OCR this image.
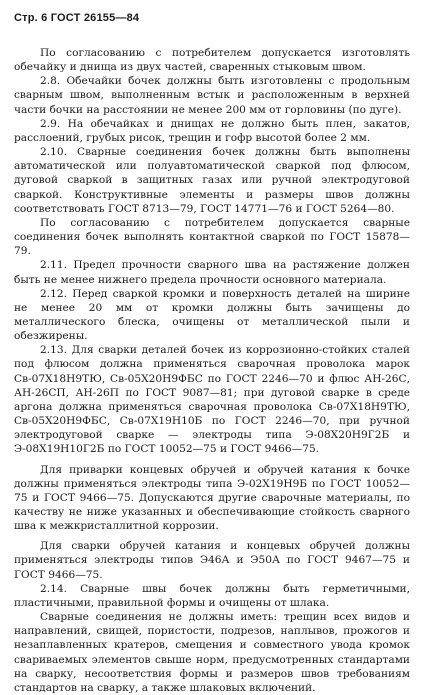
Стр. 6 ГОСТ 26155—84

По согласованию с потребителем допускается изготовлять обечайку и днища из двух частей, сваренных стыковым швом.

2.8. Обечайки бочек должны быть изготовлены с продольным сварным швом, выполненным встык и расположенным в верхней части бочки на расстоянии не менее 200 мм от горловины (по дуге).

2.9. На обечайках и днищах не должно быть плен, закатов, расслоений, грубых рисок, трещин и гофр высотой более 2 мм.

2.10. Сварные соединения бочек должны быть выполнены автоматической или полуавтоматической сваркой под флюсом, дуговой сваркой в защитных газах или ручной электродуговой сваркой. Конструктивные элементы и размеры швов должны соответствовать ГОСТ 8713—79, ГОСТ 14771—76 и ГОСТ 5264—80.

По согласованию с потребителем допускается сварные соединения бочек выполнять контактной сваркой по ГОСТ 15878—79.

2.11. Предел прочности сварного шва на растяжение должен быть не менее нижнего предела прочности основного материала.

2.12. Перед сваркой кромки и поверхность деталей на ширине не менее 20 мм от кромки должны быть зачищены до металлического блеска, очищены от металлической пыли и обезжирены.

2.13. Для сварки деталей бочек из коррозионно-стойких сталей под флюсом должна применяться сварочная проволока марок Св-07Х18Н9ТЮ, Св-05Х20Н9ФБС по ГОСТ 2246—70 и флюс АН-26С, АН-26СП, АН-26П по ГОСТ 9087—81; при дуговой сварке в среде аргона должна применяться сварочная проволока Св-07Х18Н9ТЮ, Св-05Х20Н9ФБС, Св-07Х19Н10Б по ГОСТ 2246—70, при ручной электродуговой сварке — электроды типа Э-08Х20Н9Г2Б и Э-08Х19Н10Г2Б по ГОСТ 10052—75 и ГОСТ 9466—75.

Для приварки концевых обручей и обручей катания к бочке должны применяться электроды типа Э-02Х19Н9Б по ГОСТ 10052—75 и ГОСТ 9466—75. Допускаются другие сварочные материалы, по качеству не ниже указанных и обеспечивающие стойкость сварного шва к межкристаллитной коррозии.

Для сварки обручей катания и концевых обручей должны применяться электроды типов Э46А и Э50А по ГОСТ 9467—75 и ГОСТ 9466—75.

2.14. Сварные швы бочек должны быть герметичными, пластичными, правильной формы и очищены от шлака.

Сварные соединения не должны иметь: трещин всех видов и направлений, свищей, пористости, подрезов, наплывов, прожогов и незаплавленных кратеров, смещения и совместного увода кромок свариваемых элементов свыше норм, предусмотренных стандартами на сварку, несоответствия формы и размеров швов требованиям стандартов на сварку, а также шлаковых включений.
